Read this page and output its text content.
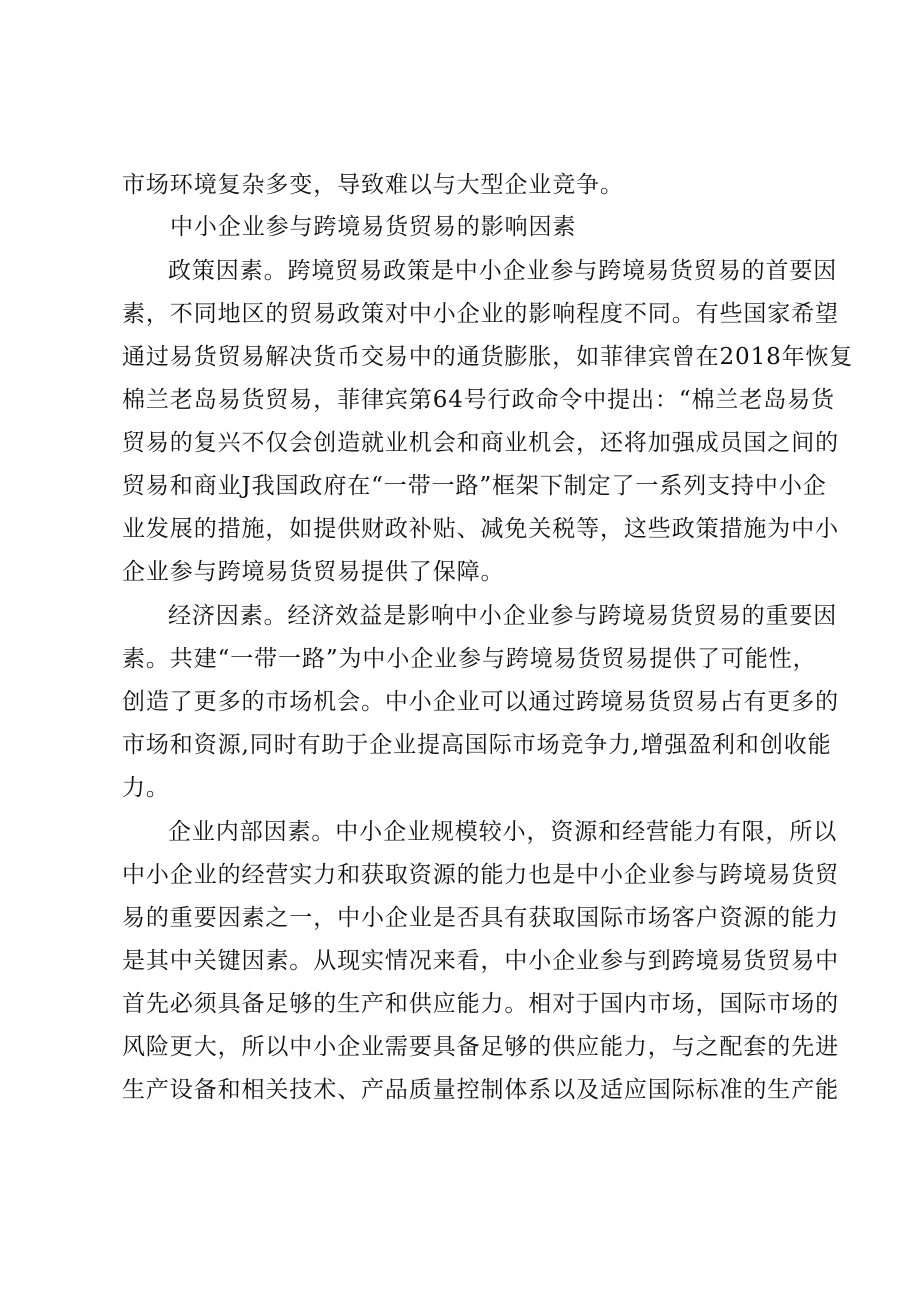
市场环境复杂多变，导致难以与大型企业竞争。
中小企业参与跨境易货贸易的影响因素
政策因素。跨境贸易政策是中小企业参与跨境易货贸易的首要因
素，不同地区的贸易政策对中小企业的影响程度不同。有些国家希望
通过易货贸易解决货币交易中的通货膨胀，如菲律宾曾在2018年恢复
棉兰老岛易货贸易，菲律宾第64号行政命令中提出：“棉兰老岛易货
贸易的复兴不仅会创造就业机会和商业机会，还将加强成员国之间的
贸易和商业J我国政府在“一带一路”框架下制定了一系列支持中小企
业发展的措施，如提供财政补贴、减免关税等，这些政策措施为中小
企业参与跨境易货贸易提供了保障。
经济因素。经济效益是影响中小企业参与跨境易货贸易的重要因
素。共建“一带一路”为中小企业参与跨境易货贸易提供了可能性，
创造了更多的市场机会。中小企业可以通过跨境易货贸易占有更多的
市场和资源,同时有助于企业提高国际市场竞争力,增强盈利和创收能
力。
企业内部因素。中小企业规模较小，资源和经营能力有限，所以
中小企业的经营实力和获取资源的能力也是中小企业参与跨境易货贸
易的重要因素之一，中小企业是否具有获取国际市场客户资源的能力
是其中关键因素。从现实情况来看，中小企业参与到跨境易货贸易中
首先必须具备足够的生产和供应能力。相对于国内市场，国际市场的
风险更大，所以中小企业需要具备足够的供应能力，与之配套的先进
生产设备和相关技术、产品质量控制体系以及适应国际标准的生产能
